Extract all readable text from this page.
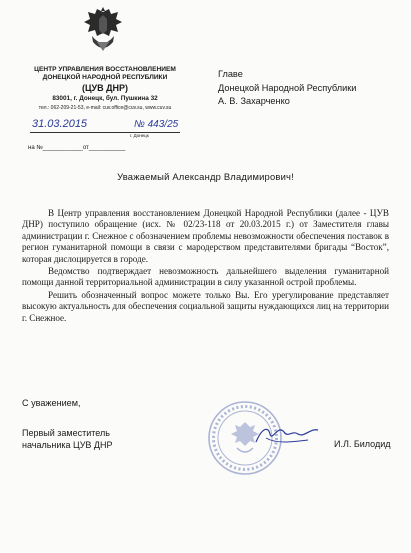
ЦЕНТР УПРАВЛЕНИЯ ВОССТАНОВЛЕНИЕМ
ДОНЕЦКОЙ НАРОДНОЙ РЕСПУБЛИКИ
(ЦУВ ДНР)
83001, г. Донецк, бул. Пушкина 32
тел.: 062-209-21-53, e-mail: cuv.office@cuv.su, www.cuv.su
31.03.2015	№ 443/25
г. Донецк
на №____________от___________
Главе
Донецкой Народной Республики
А. В. Захарченко
Уважаемый Александр Владимирович!

В Центр управления восстановлением Донецкой Народной Республики (далее - ЦУВ ДНР) поступило обращение (исх. № 02/23-118 от 20.03.2015 г.) от Заместителя главы администрации г. Снежное с обозначением проблемы невозможности обеспечения поставок в регион гуманитарной помощи в связи с мародерством представителями бригады “Восток”, которая дислоцируется в городе.

Ведомство подтверждает невозможность дальнейшего выделения гуманитарной помощи данной территориальной администрации в силу указанной острой проблемы.

Решить обозначенный вопрос можете только Вы. Его урегулирование представляет высокую актуальность для обеспечения социальной защиты нуждающихся лиц на территории г. Снежное.

С уважением,
Первый заместитель
начальника ЦУВ ДНР	И.Л. Билодид
